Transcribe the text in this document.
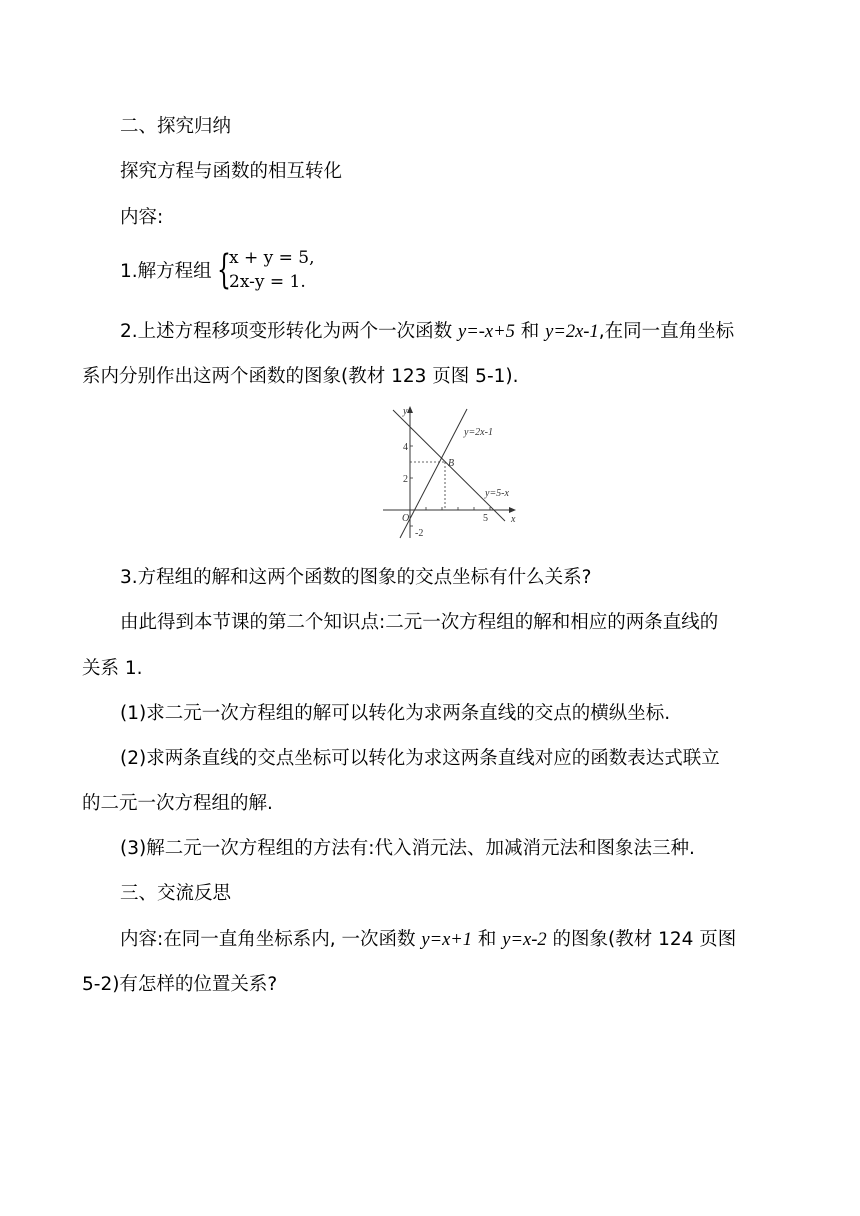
二、探究归纳
探究方程与函数的相互转化
内容:
1.解方程组 {
x + y = 5,
2x-y = 1.
2.上述方程移项变形转化为两个一次函数 y=-x+5 和 y=2x-1,在同一直角坐标
系内分别作出这两个函数的图象(教材 123 页图 5-1).
y
x
O
B
y=2x-1
y=5-x
2
4
-2
5
3.方程组的解和这两个函数的图象的交点坐标有什么关系?
由此得到本节课的第二个知识点:二元一次方程组的解和相应的两条直线的
关系 1.
(1)求二元一次方程组的解可以转化为求两条直线的交点的横纵坐标.
(2)求两条直线的交点坐标可以转化为求这两条直线对应的函数表达式联立
的二元一次方程组的解.
(3)解二元一次方程组的方法有:代入消元法、加减消元法和图象法三种.
三、交流反思
内容:在同一直角坐标系内, 一次函数 y=x+1 和 y=x-2 的图象(教材 124 页图
5-2)有怎样的位置关系?
